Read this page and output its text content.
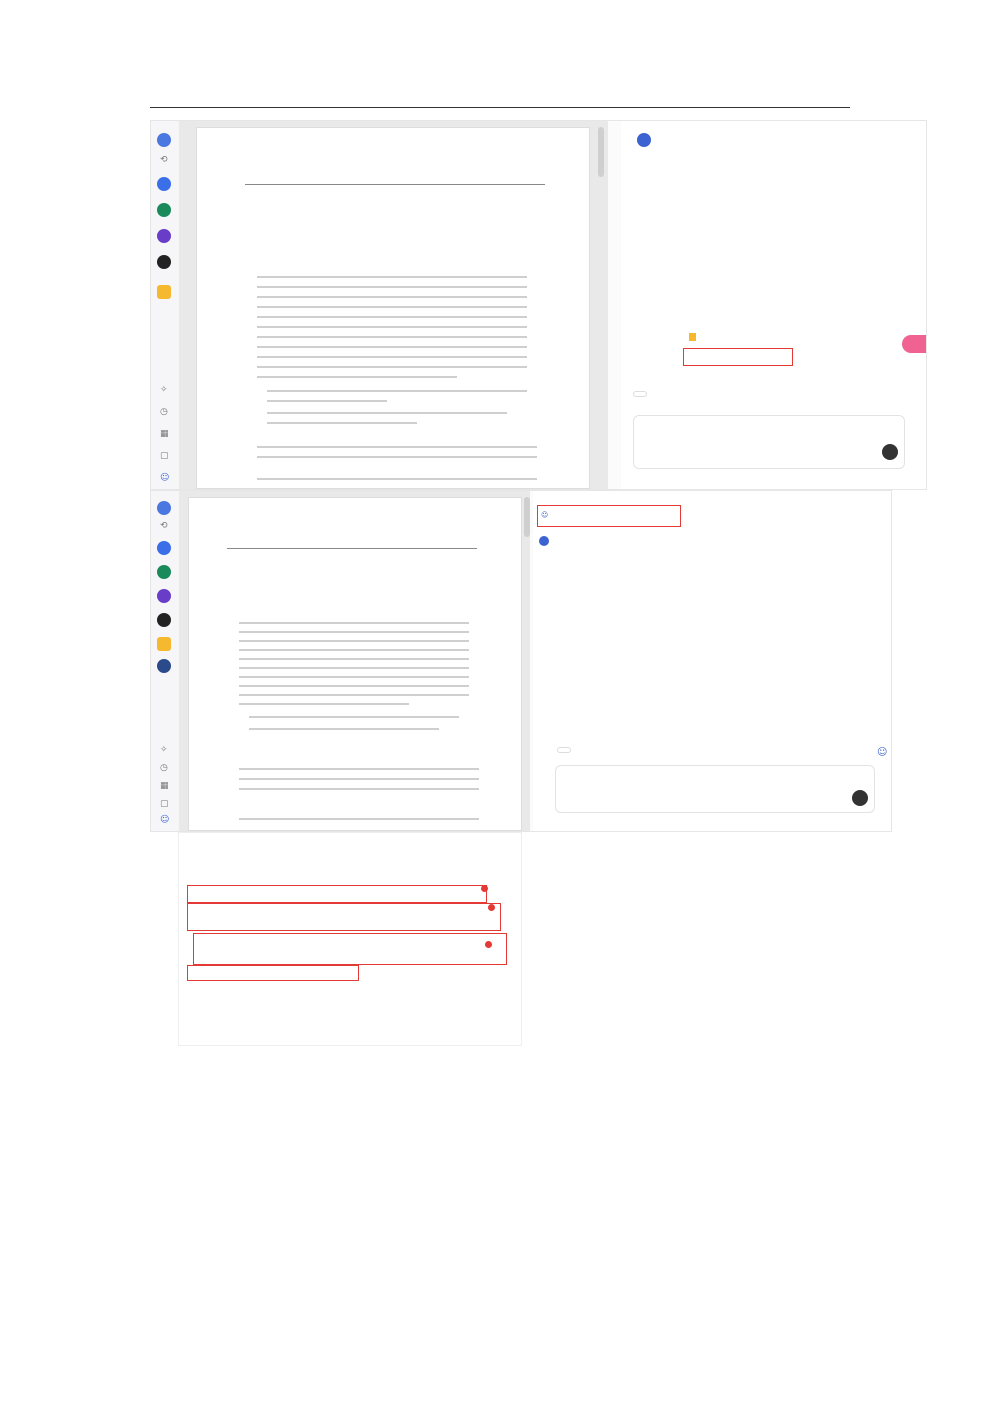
⟲
✧
◷
▦
▢
☺
⟲
✧
◷
▦
▢
☺
☺
☺
